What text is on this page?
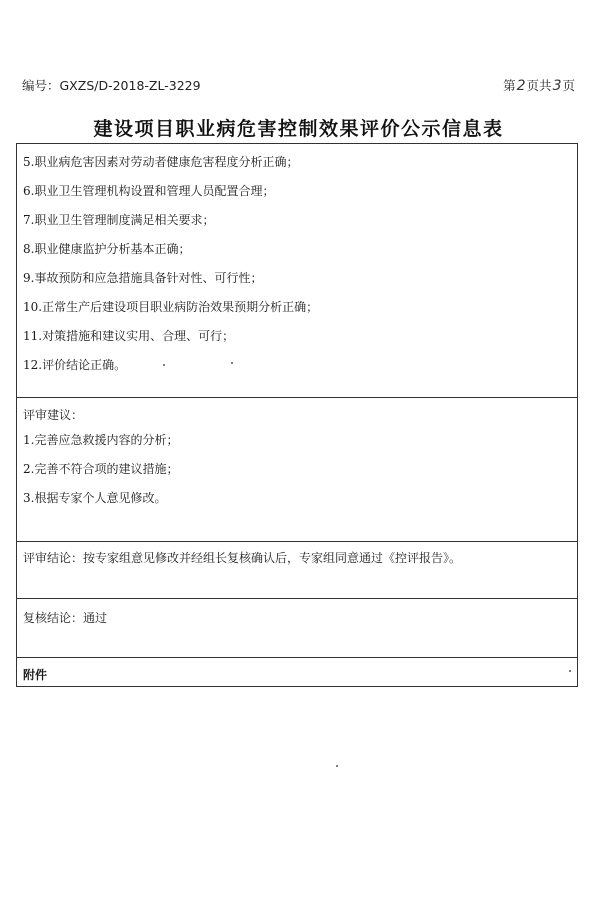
编号：GXZS/D-2018-ZL-3229	第2页共3页
建设项目职业病危害控制效果评价公示信息表
5.职业病危害因素对劳动者健康危害程度分析正确；
6.职业卫生管理机构设置和管理人员配置合理；
7.职业卫生管理制度满足相关要求；
8.职业健康监护分析基本正确；
9.事故预防和应急措施具备针对性、可行性；
10.正常生产后建设项目职业病防治效果预期分析正确；
11.对策措施和建议实用、合理、可行；
12.评价结论正确。
评审建议：
1.完善应急救援内容的分析；
2.完善不符合项的建议措施；
3.根据专家个人意见修改。
评审结论：按专家组意见修改并经组长复核确认后，专家组同意通过《控评报告》。
复核结论：通过
附件
